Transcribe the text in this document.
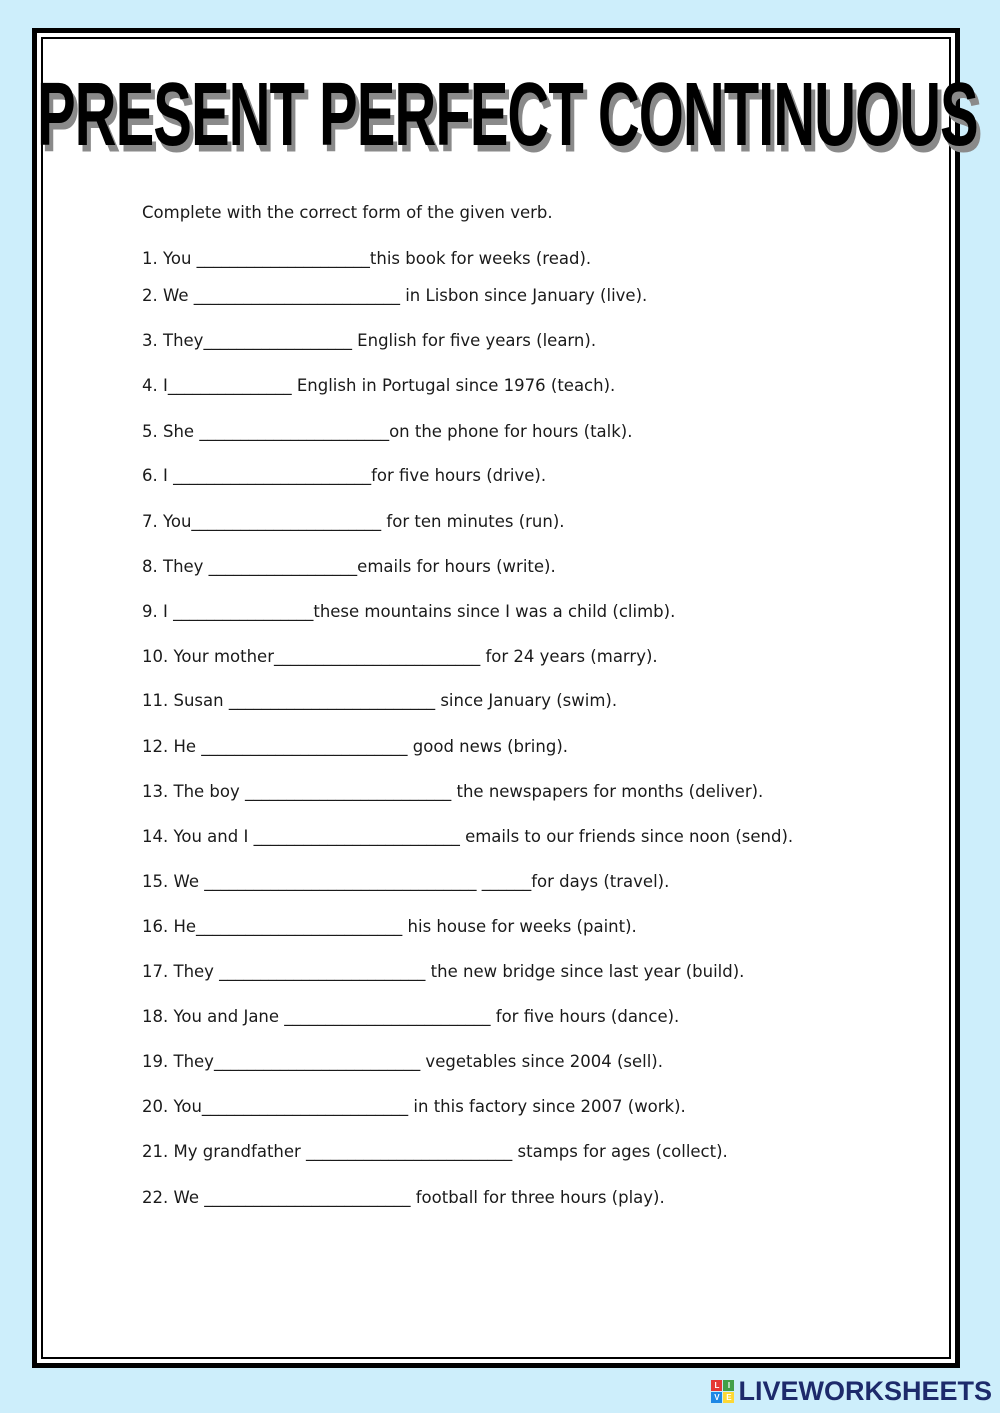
PRESENT PERFECT CONTINUOUS
Complete with the correct form of the given verb.
1. You _____________________this book for weeks (read).
2. We _________________________ in Lisbon since January (live).
3. They__________________ English for five years (learn).
4. I_______________ English in Portugal since 1976 (teach).
5. She _______________________on the phone for hours (talk).
6. I ________________________for five hours (drive).
7. You_______________________ for ten minutes (run).
8. They __________________emails for hours (write).
9. I _________________these mountains since I was a child (climb).
10. Your mother_________________________ for 24 years (marry).
11. Susan _________________________ since January (swim).
12. He _________________________ good news (bring).
13. The boy _________________________ the newspapers for months (deliver).
14. You and I _________________________ emails to our friends since noon (send).
15. We _________________________________ ______for days (travel).
16. He_________________________ his house for weeks (paint).
17. They _________________________ the new bridge since last year (build).
18. You and Jane _________________________ for five hours (dance).
19. They_________________________ vegetables since 2004 (sell).
20. You_________________________ in this factory since 2007 (work).
21. My grandfather _________________________ stamps for ages (collect).
22. We _________________________ football for three hours (play).
L	I
V E LIVEWORKSHEETS
